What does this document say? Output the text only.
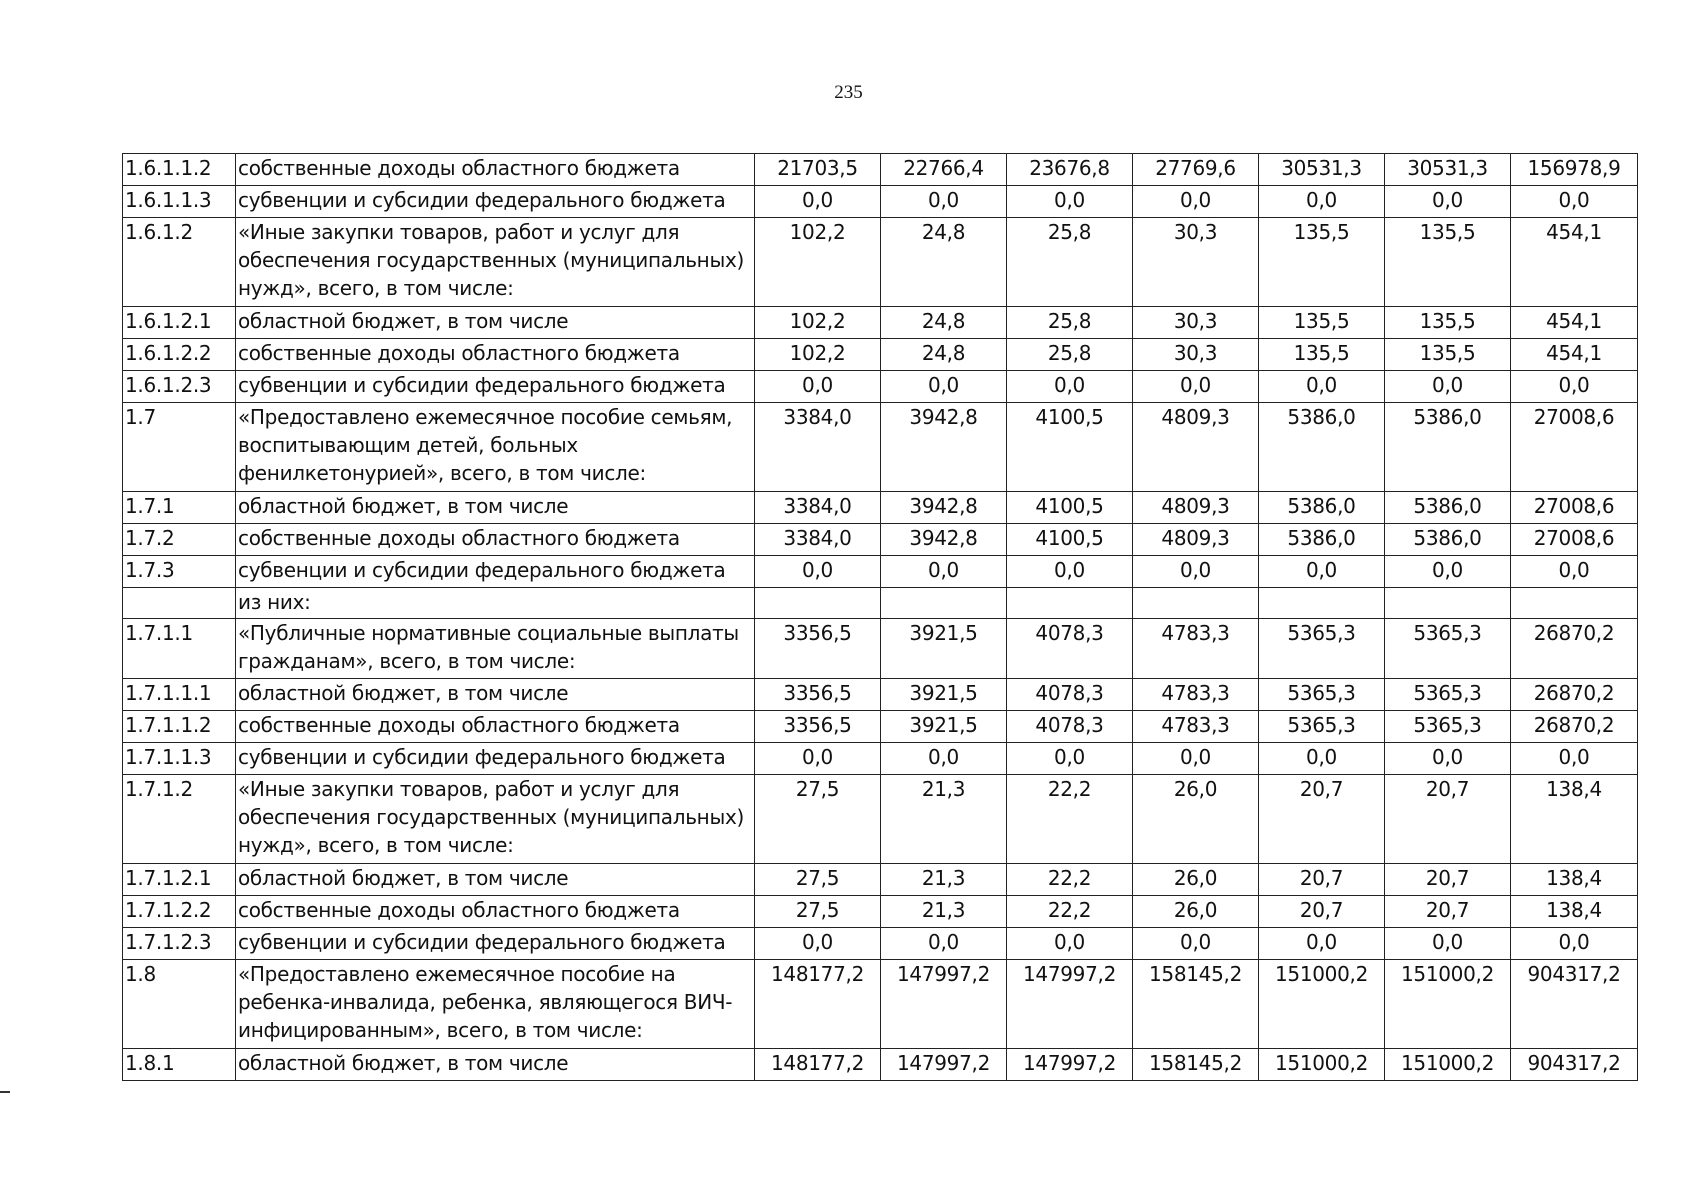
235
1.6.1.1.2	собственные доходы областного бюджета	21703,5	22766,4	23676,8	27769,6	30531,3	30531,3	156978,9
1.6.1.1.3	субвенции и субсидии федерального бюджета	0,0	0,0	0,0	0,0	0,0	0,0	0,0
1.6.1.2	«Иные закупки товаров, работ и услуг для обеспечения государственных (муниципальных) нужд», всего, в том числе:	102,2	24,8	25,8	30,3	135,5	135,5	454,1
1.6.1.2.1	областной бюджет, в том числе	102,2	24,8	25,8	30,3	135,5	135,5	454,1
1.6.1.2.2	собственные доходы областного бюджета	102,2	24,8	25,8	30,3	135,5	135,5	454,1
1.6.1.2.3	субвенции и субсидии федерального бюджета	0,0	0,0	0,0	0,0	0,0	0,0	0,0
1.7	«Предоставлено ежемесячное пособие семьям, воспитывающим детей, больных фенилкетонурией», всего, в том числе:	3384,0	3942,8	4100,5	4809,3	5386,0	5386,0	27008,6
1.7.1	областной бюджет, в том числе	3384,0	3942,8	4100,5	4809,3	5386,0	5386,0	27008,6
1.7.2	собственные доходы областного бюджета	3384,0	3942,8	4100,5	4809,3	5386,0	5386,0	27008,6
1.7.3	субвенции и субсидии федерального бюджета	0,0	0,0	0,0	0,0	0,0	0,0	0,0
	из них:							
1.7.1.1	«Публичные нормативные социальные выплаты гражданам», всего, в том числе:	3356,5	3921,5	4078,3	4783,3	5365,3	5365,3	26870,2
1.7.1.1.1	областной бюджет, в том числе	3356,5	3921,5	4078,3	4783,3	5365,3	5365,3	26870,2
1.7.1.1.2	собственные доходы областного бюджета	3356,5	3921,5	4078,3	4783,3	5365,3	5365,3	26870,2
1.7.1.1.3	субвенции и субсидии федерального бюджета	0,0	0,0	0,0	0,0	0,0	0,0	0,0
1.7.1.2	«Иные закупки товаров, работ и услуг для обеспечения государственных (муниципальных) нужд», всего, в том числе:	27,5	21,3	22,2	26,0	20,7	20,7	138,4
1.7.1.2.1	областной бюджет, в том числе	27,5	21,3	22,2	26,0	20,7	20,7	138,4
1.7.1.2.2	собственные доходы областного бюджета	27,5	21,3	22,2	26,0	20,7	20,7	138,4
1.7.1.2.3	субвенции и субсидии федерального бюджета	0,0	0,0	0,0	0,0	0,0	0,0	0,0
1.8	«Предоставлено ежемесячное пособие на ребенка-инвалида, ребенка, являющегося ВИЧ-инфицированным», всего, в том числе:	148177,2	147997,2	147997,2	158145,2	151000,2	151000,2	904317,2
1.8.1	областной бюджет, в том числе	148177,2	147997,2	147997,2	158145,2	151000,2	151000,2	904317,2
